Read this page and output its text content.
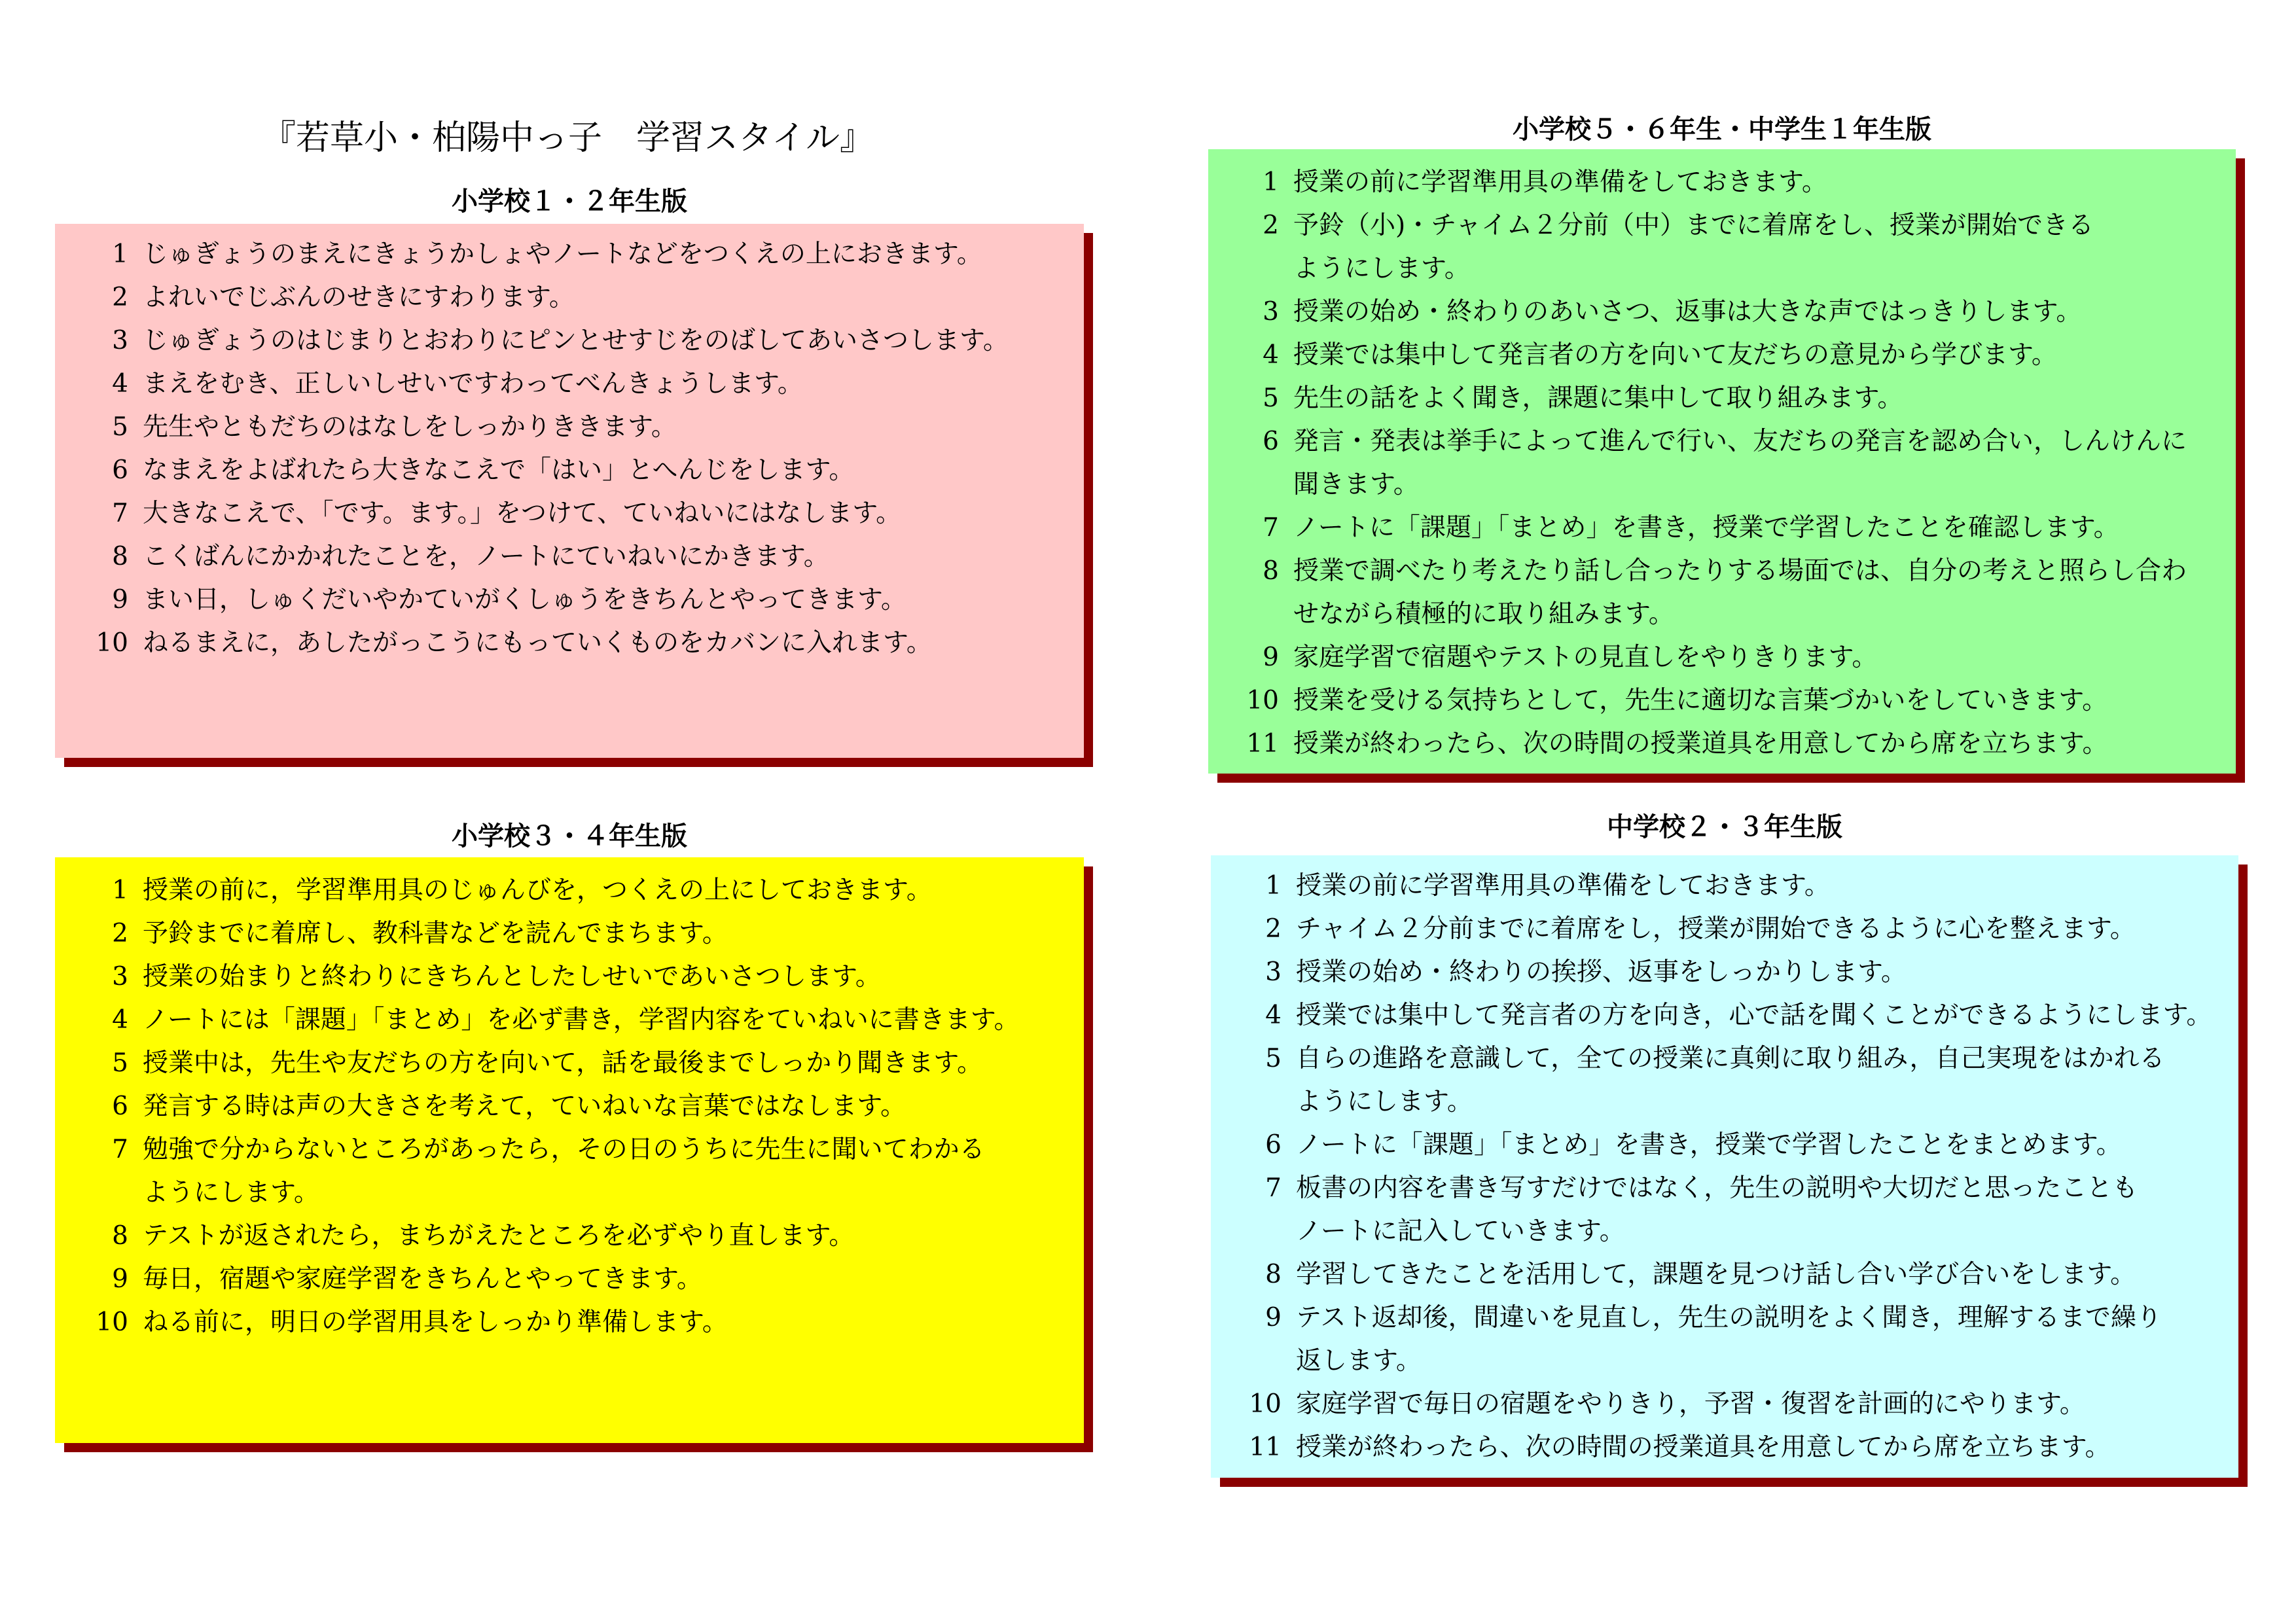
『若草小・柏陽中っ子　学習スタイル』
小学校１・２年生版
1 じゅぎょうのまえにきょうかしょやノートなどをつくえの上におきます。
2 よれいでじぶんのせきにすわります。
3 じゅぎょうのはじまりとおわりにピンとせすじをのばしてあいさつします。
4 まえをむき、正しいしせいですわってべんきょうします。
5 先生やともだちのはなしをしっかりききます。
6 なまえをよばれたら大きなこえで「はい」とへんじをします。
7 大きなこえで、「です。ます。」をつけて、ていねいにはなします。
8 こくばんにかかれたことを，ノートにていねいにかきます。
9 まい日，しゅくだいやかていがくしゅうをきちんとやってきます。
10 ねるまえに，あしたがっこうにもっていくものをカバンに入れます。
小学校３・４年生版
1 授業の前に，学習準用具のじゅんびを，つくえの上にしておきます。
2 予鈴までに着席し、教科書などを読んでまちます。
3 授業の始まりと終わりにきちんとしたしせいであいさつします。
4 ノートには「課題」「まとめ」を必ず書き，学習内容をていねいに書きます。
5 授業中は，先生や友だちの方を向いて，話を最後までしっかり聞きます。
6 発言する時は声の大きさを考えて，ていねいな言葉ではなします。
7 勉強で分からないところがあったら，その日のうちに先生に聞いてわかる
ようにします。
8 テストが返されたら，まちがえたところを必ずやり直します。
9 毎日，宿題や家庭学習をきちんとやってきます。
10 ねる前に，明日の学習用具をしっかり準備します。
小学校５・６年生・中学生１年生版
1 授業の前に学習準用具の準備をしておきます。
2 予鈴（小)・チャイム２分前（中）までに着席をし、授業が開始できる
ようにします。
3 授業の始め・終わりのあいさつ、返事は大きな声ではっきりします。
4 授業では集中して発言者の方を向いて友だちの意見から学びます。
5 先生の話をよく聞き，課題に集中して取り組みます。
6 発言・発表は挙手によって進んで行い、友だちの発言を認め合い，しんけんに
聞きます。
7 ノートに「課題」「まとめ」を書き，授業で学習したことを確認します。
8 授業で調べたり考えたり話し合ったりする場面では、自分の考えと照らし合わ
せながら積極的に取り組みます。
9 家庭学習で宿題やテストの見直しをやりきります。
10 授業を受ける気持ちとして，先生に適切な言葉づかいをしていきます。
11 授業が終わったら、次の時間の授業道具を用意してから席を立ちます。
中学校２・３年生版
1 授業の前に学習準用具の準備をしておきます。
2 チャイム２分前までに着席をし，授業が開始できるように心を整えます。
3 授業の始め・終わりの挨拶、返事をしっかりします。
4 授業では集中して発言者の方を向き，心で話を聞くことができるようにします。
5 自らの進路を意識して，全ての授業に真剣に取り組み，自己実現をはかれる
ようにします。
6 ノートに「課題」「まとめ」を書き，授業で学習したことをまとめます。
7 板書の内容を書き写すだけではなく，先生の説明や大切だと思ったことも
ノートに記入していきます。
8 学習してきたことを活用して，課題を見つけ話し合い学び合いをします。
9 テスト返却後，間違いを見直し，先生の説明をよく聞き，理解するまで繰り
返します。
10 家庭学習で毎日の宿題をやりきり，予習・復習を計画的にやります。
11 授業が終わったら、次の時間の授業道具を用意してから席を立ちます。
